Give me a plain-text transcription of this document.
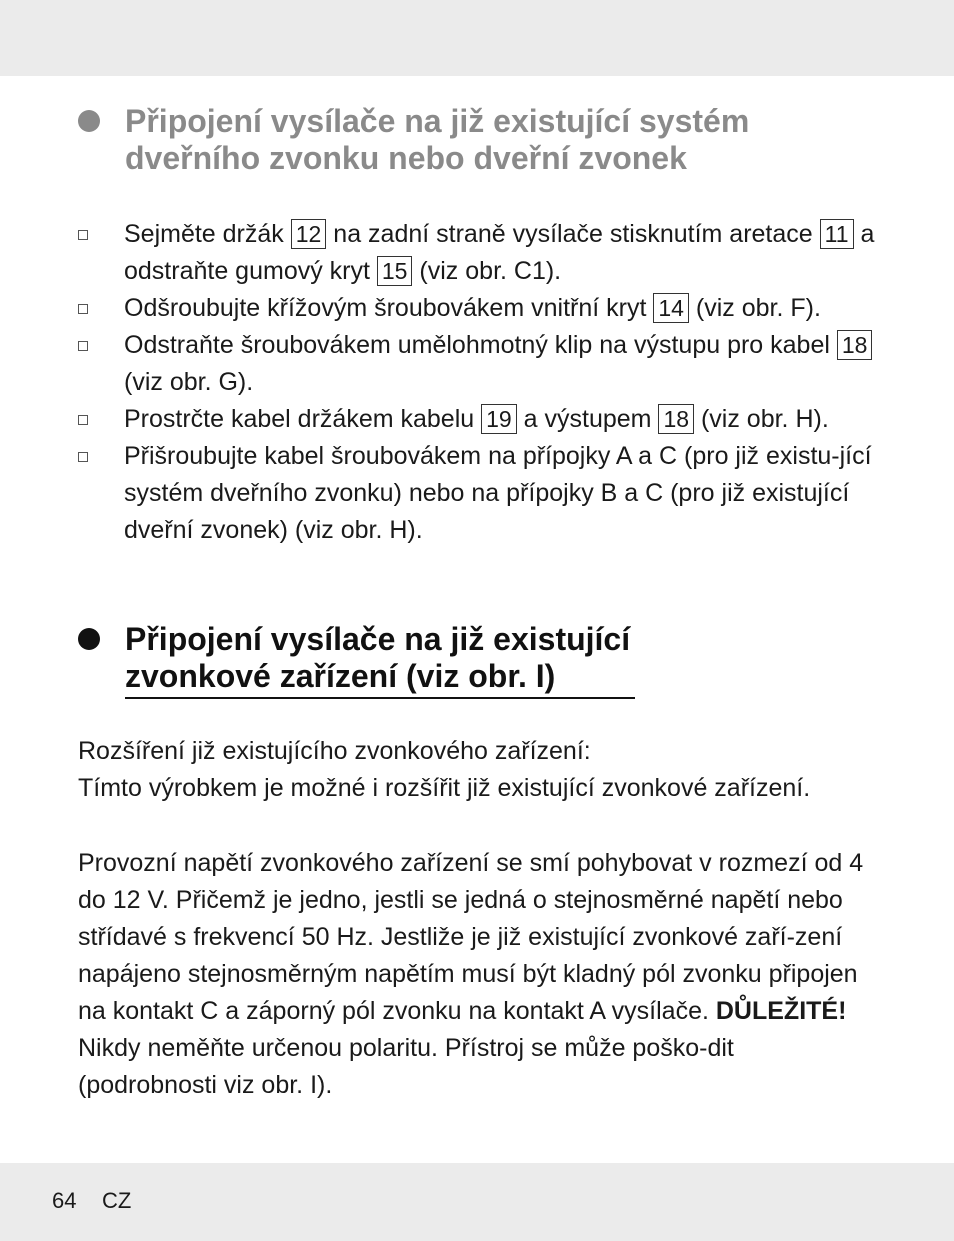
Připojení vysílače na již existující systém
dveřního zvonku nebo dveřní zvonek
Sejměte držák 12 na zadní straně vysílače stisknutím aretace 11 a odstraňte gumový kryt 15 (viz obr. C1).
Odšroubujte křížovým šroubovákem vnitřní kryt 14 (viz obr. F).
Odstraňte šroubovákem umělohmotný klip na výstupu pro kabel 18 (viz obr. G).
Prostrčte kabel držákem kabelu 19 a výstupem 18 (viz obr. H).
Přišroubujte kabel šroubovákem na přípojky A a C (pro již existu-jící systém dveřního zvonku) nebo na přípojky B a C (pro již existující dveřní zvonek) (viz obr. H).
Připojení vysílače na již existující
zvonkové zařízení (viz obr. I)
Rozšíření již existujícího zvonkového zařízení:
Tímto výrobkem je možné i rozšířit již existující zvonkové zařízení.

Provozní napětí zvonkového zařízení se smí pohybovat v rozmezí od 4 do 12 V. Přičemž je jedno, jestli se jedná o stejnosměrné napětí nebo střídavé s frekvencí 50 Hz. Jestliže je již existující zvonkové zaří-zení napájeno stejnosměrným napětím musí být kladný pól zvonku připojen na kontakt C a záporný pól zvonku na kontakt A vysílače. DŮLEŽITÉ! Nikdy neměňte určenou polaritu. Přístroj se může poško-dit (podrobnosti viz obr. I).

64 CZ
